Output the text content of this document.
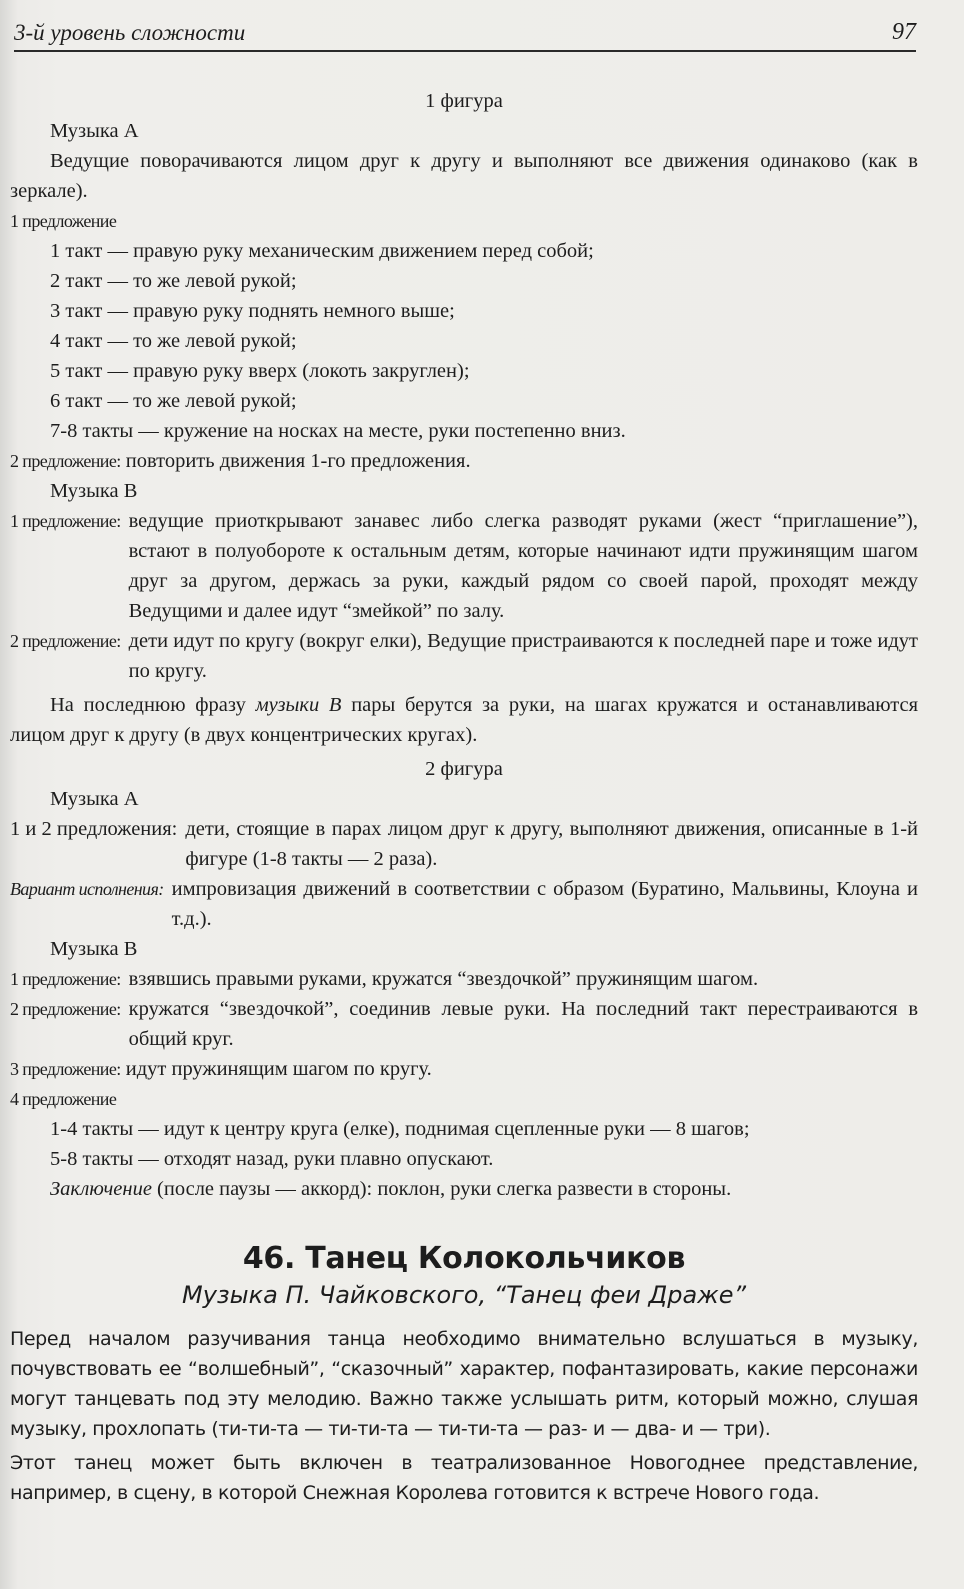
3-й уровень сложности	97
1 фигура
Музыка А
Ведущие поворачиваются лицом друг к другу и выполняют все движения одинаково (как в зеркале).
1 предложение
1 такт — правую руку механическим движением перед собой;
2 такт — то же левой рукой;
3 такт — правую руку поднять немного выше;
4 такт — то же левой рукой;
5 такт — правую руку вверх (локоть закруглен);
6 такт — то же левой рукой;
7-8 такты — кружение на носках на месте, руки постепенно вниз.
2 предложение: повторить движения 1-го предложения.
Музыка В
1 предложение: ведущие приоткрывают занавес либо слегка разводят руками (жест “приглашение”), встают в полуобороте к остальным детям, которые начинают идти пружинящим шагом друг за другом, держась за руки, каждый рядом со своей парой, проходят между Ведущими и далее идут “змейкой” по залу.
2 предложение: дети идут по кругу (вокруг елки), Ведущие пристраиваются к последней паре и тоже идут по кругу.
На последнюю фразу музыки В пары берутся за руки, на шагах кружатся и останавливаются лицом друг к другу (в двух концентрических кругах).
2 фигура
Музыка А
1 и 2 предложения: дети, стоящие в парах лицом друг к другу, выполняют движения, описанные в 1-й фигуре (1-8 такты — 2 раза).
Вариант исполнения: импровизация движений в соответствии с образом (Буратино, Мальвины, Клоуна и т.д.).
Музыка В
1 предложение: взявшись правыми руками, кружатся “звездочкой” пружинящим шагом.
2 предложение: кружатся “звездочкой”, соединив левые руки. На последний такт перестраиваются в общий круг.
3 предложение: идут пружинящим шагом по кругу.
4 предложение
1-4 такты — идут к центру круга (елке), поднимая сцепленные руки — 8 шагов;
5-8 такты — отходят назад, руки плавно опускают.
Заключение (после паузы — аккорд): поклон, руки слегка развести в стороны.
46. Танец Колокольчиков
Музыка П. Чайковского, “Танец феи Драже”
Перед началом разучивания танца необходимо внимательно вслушаться в музыку, почувствовать ее “волшебный”, “сказочный” характер, пофантазировать, какие персонажи могут танцевать под эту мелодию. Важно также услышать ритм, который можно, слушая музыку, прохлопать (ти-ти-та — ти-ти-та — ти-ти-та — раз- и — два- и — три).
Этот танец может быть включен в театрализованное Новогоднее представление, например, в сцену, в которой Снежная Королева готовится к встрече Нового года.
